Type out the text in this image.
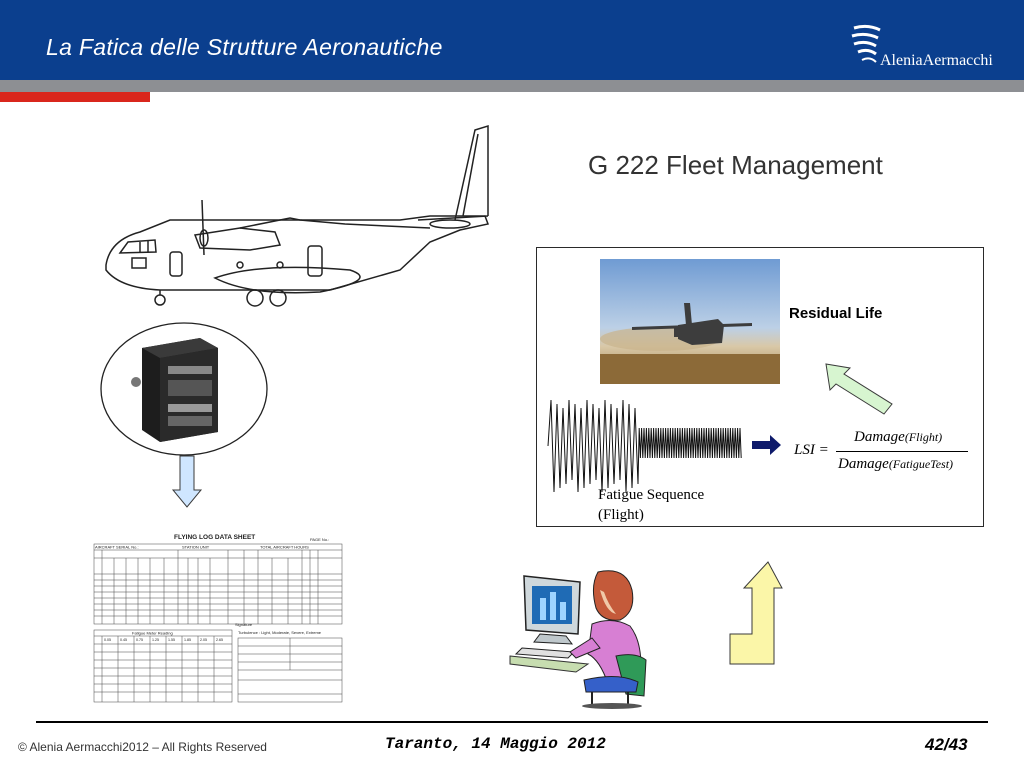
La Fatica delle Strutture Aeronautiche
AleniaAermacchi
FLYING LOG DATA SHEET	PAGE No.:
AIRCRAFT SERIAL No.:	STATION UNIT	TOTAL AIRCRAFT HOURS
Fatigue Meter Reading	Turbulence : Light, Moderate, Severe, Extreme
Signature
0.05	0.45	0.75	1.25	1.55	1.85	2.05	2.65
G 222 Fleet Management
Residual Life
Fatigue Sequence
(Flight)
LSI =
Damage(Flight)
Damage(FatigueTest)
© Alenia Aermacchi2012 – All Rights Reserved	Taranto, 14 Maggio 2012	42/43
